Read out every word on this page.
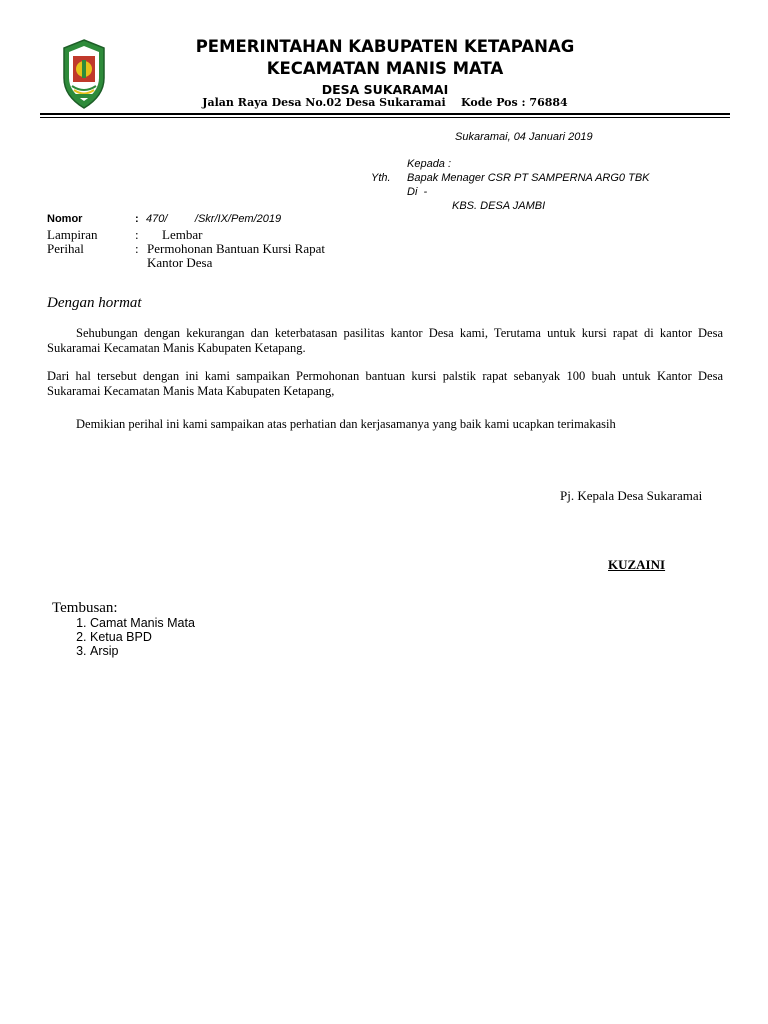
PEMERINTAHAN KABUPATEN KETAPANAG
KECAMATAN MANIS MATA
DESA SUKARAMAI
Jalan Raya Desa No.02 Desa Sukaramai    Kode Pos : 76884
Sukaramai, 04 Januari 2019
Kepada :
Yth. Bapak Menager CSR PT SAMPERNA ARG0 TBK
Di  -
KBS. DESA JAMBI
Nomor	: 470/         /Skr/IX/Pem/2019
Lampiran	: Lembar
Perihal	: Permohonan Bantuan Kursi Rapat
Kantor Desa
Dengan hormat
Sehubungan dengan kekurangan dan keterbatasan pasilitas kantor Desa kami, Terutama untuk kursi rapat di kantor Desa Sukaramai Kecamatan Manis Kabupaten Ketapang.
Dari hal tersebut dengan ini kami sampaikan Permohonan bantuan kursi palstik rapat sebanyak 100 buah untuk Kantor Desa Sukaramai Kecamatan Manis Mata Kabupaten Ketapang,
Demikian perihal ini kami sampaikan atas perhatian dan kerjasamanya yang baik kami ucapkan terimakasih
Pj. Kepala Desa Sukaramai
KUZAINI
Tembusan:
1. Camat Manis Mata
2. Ketua BPD
3. Arsip
